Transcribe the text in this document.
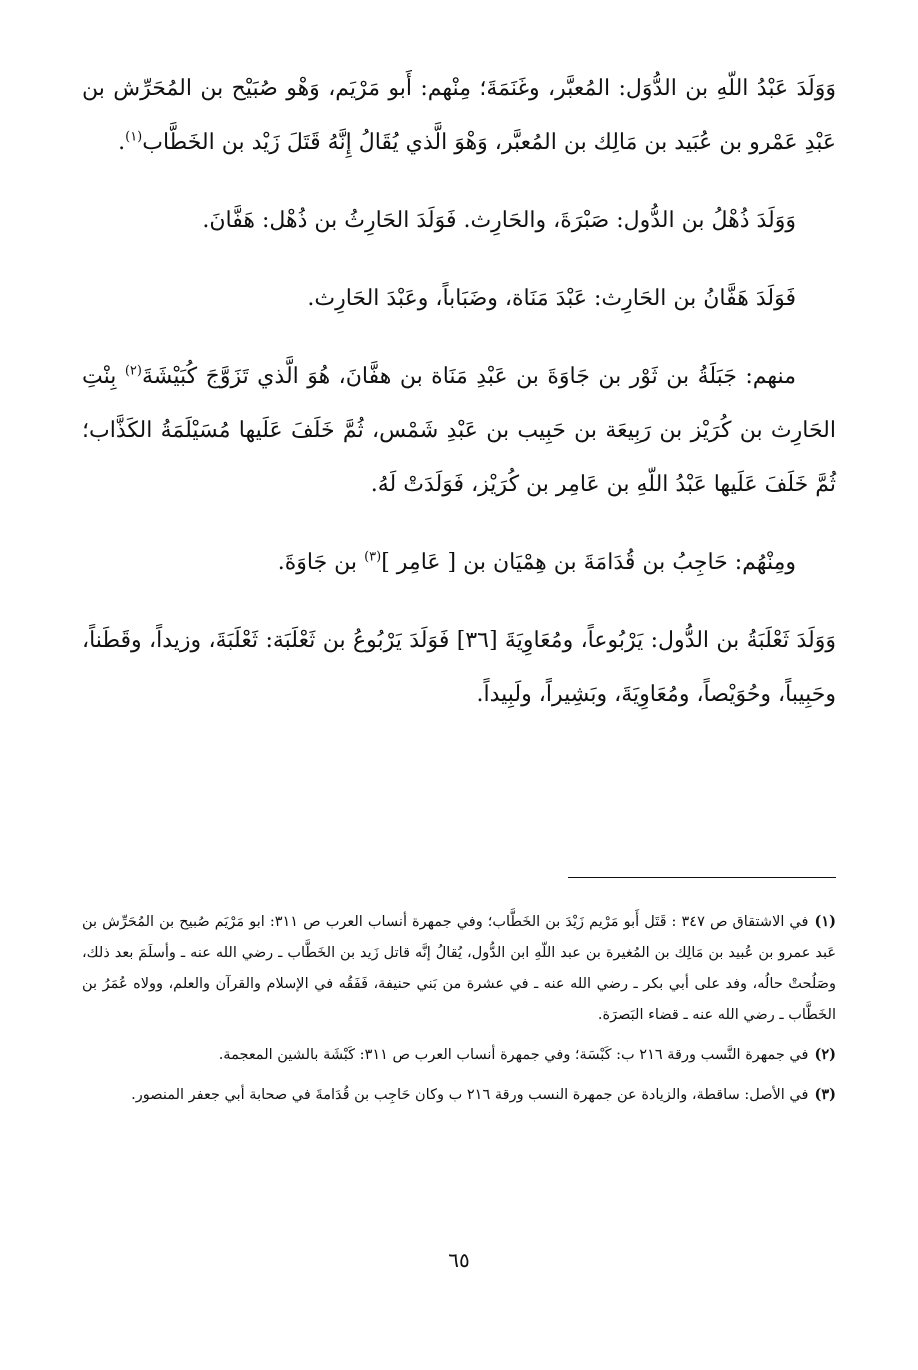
وَوَلَدَ عَبْدُ اللّهِ بن الدُّوَل: المُعبَّر، وغَنَمَةَ؛ مِنْهم: أَبو مَرْيَم، وَهْو صُبَيْح بن المُحَرِّش بن عَبْدِ عَمْرو بن عُبَيد بن مَالِك بن المُعبَّر، وَهْوَ الَّذي يُقَالُ إِنَّهُ قَتَلَ زَيْد بن الخَطَّاب$^{(١)}$.

وَوَلَدَ ذُهْلُ بن الدُّول: صَبْرَةَ، والحَارِث. فَوَلَدَ الحَارِثُ بن ذُهْل: هَفَّانَ.

فَوَلَدَ هَفَّانُ بن الحَارِث: عَبْدَ مَنَاة، وضَبَاباً، وعَبْدَ الحَارِث.

منهم: جَبَلَةُ بن ثَوْر بن جَاوَةَ بن عَبْدِ مَنَاة بن هفَّانَ، هُوَ الَّذي تَزَوَّجَ كُبَيْشَةَ$^{(٢)}$ بِنْتِ الحَارِث بن كُرَيْز بن رَبِيعَة بن حَبِيب بن عَبْدِ شَمْس، ثُمَّ خَلَفَ عَلَيها مُسَيْلَمَةُ الكَذَّاب؛ ثُمَّ خَلَفَ عَلَيها عَبْدُ اللّهِ بن عَامِر بن كُرَيْز، فَوَلَدَتْ لَهُ.

ومِنْهُم: حَاجِبُ بن قُدَامَةَ بن هِمْيَان بن [ عَامِر ]$^{(٣)}$ بن جَاوَةَ.

وَوَلَدَ ثَعْلَبَةُ بن الدُّول: يَرْبُوعاً، ومُعَاوِيَةَ [٣٦] فَوَلَدَ يَرْبُوعُ بن ثَعْلَبَة: ثَعْلَبَةَ، وزيداً، وقَطَناً، وحَبِيباً، وحُوَيْصاً، ومُعَاوِيَةَ، وبَشِيراً، ولَبِيداً.

(١)في الاشتقاق ص ٣٤٧ : قَتَل أَبو مَرْيم زَيْدَ بن الخَطَّاب؛ وفي جمهرة أنساب العرب ص ٣١١: ابو مَرْيَم صُبيح بن المُحَرِّش بن عَبد عمرو بن عُبيد بن مَالِك بن المُغيرة بن عبد اللّهِ ابن الدُّول، يُقالُ إنَّه قاتل زَيد بن الخَطَّاب ـ رضي الله عنه ـ وأسلَمَ بعد ذلك، وصَلُحتْ حالُه، وفد على أبي بكر ـ رضي الله عنه ـ في عشرة من بَني حنيفة، فَفَقُه في الإسلام والقرآن والعلم، وولاه عُمَرُ بن الخَطَّاب ـ رضي الله عنه ـ قضاء البَصرَة.

(٢)في جمهرة النَّسب ورقة ٢١٦ ب: كَبْسَة؛ وفي جمهرة أنساب العرب ص ٣١١: كَبْشَة بالشين المعجمة.

(٣)في الأصل: ساقطة، والزيادة عن جمهرة النسب ورقة ٢١٦ ب وكان حَاجِب بن قُدَامةَ في صحابة أبي جعفر المنصور.

٦٥
